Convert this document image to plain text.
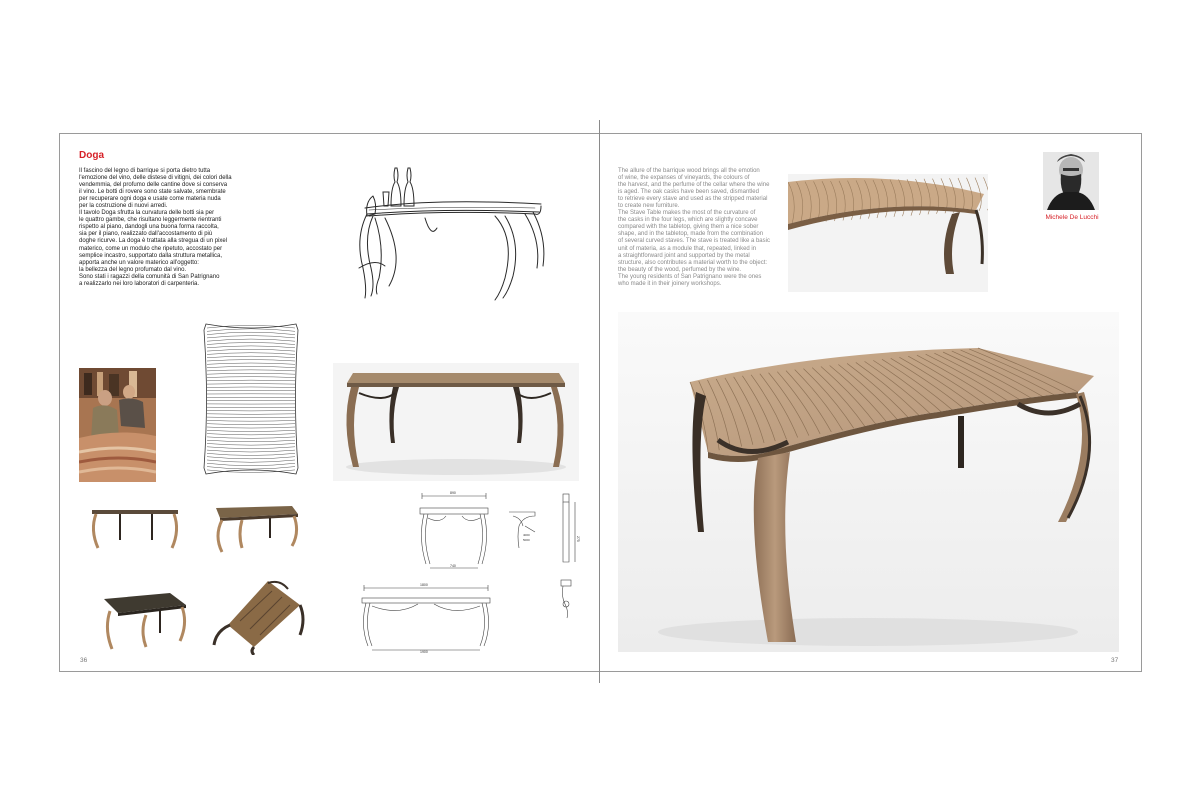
Doga
Il fascino del legno di barrique si porta dietro tutta
l'emozione del vino, delle distese di vitigni, dei colori della
vendemmia, del profumo delle cantine dove si conserva
il vino. Le botti di rovere sono state salvate, smembrate
per recuperare ogni doga e usate come materia nuda
per la costruzione di nuovi arredi.
Il tavolo Doga sfrutta la curvatura delle botti sia per
le quattro gambe, che risultano leggermente rientranti
rispetto al piano, dandogli una buona forma raccolta,
sia per il piano, realizzato dall'accostamento di più
doghe ricurve. La doga è trattata alla stregua di un pixel
materico, come un modulo che ripetuto, accostato per
semplice incastro, supportato dalla struttura metallica,
apporta anche un valore materico all'oggetto:
la bellezza del legno profumato dal vino.
Sono stati i ragazzi della comunità di San Patrignano
a realizzarlo nei loro laboratori di carpenteria.
890
740
4000
5000	275
1800
1900
36
The allure of the barrique wood brings all the emotion
of wine, the expanses of vineyards, the colours of
the harvest, and the perfume of the cellar where the wine
is aged. The oak casks have been saved, dismantled
to retrieve every stave and used as the stripped material
to create new furniture.
The Stave Table makes the most of the curvature of
the casks in the four legs, which are slightly concave
compared with the tabletop, giving them a nice sober
shape, and in the tabletop, made from the combination
of several curved staves. The stave is treated like a basic
unit of materia, as a module that, repeated, linked in
a straightforward joint and supported by the metal
structure, also contributes a material worth to the object:
the beauty of the wood, perfumed by the wine.
The young residents of San Patrignano were the ones
who made it in their joinery workshops.
Michele De Lucchi
37
